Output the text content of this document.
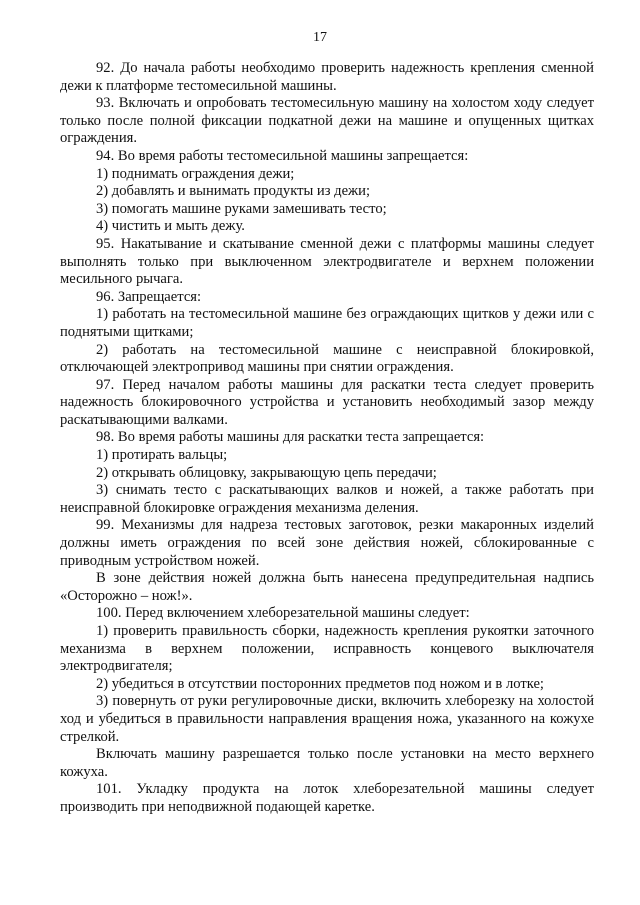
17

92. До начала работы необходимо проверить надежность крепления сменной дежи к платформе тестомесильной машины.

93. Включать и опробовать тестомесильную машину на холостом ходу следует только после полной фиксации подкатной дежи на машине и опущенных щитках ограждения.

94. Во время работы тестомесильной машины запрещается:

1) поднимать ограждения дежи;

2) добавлять и вынимать продукты из дежи;

3) помогать машине руками замешивать тесто;

4) чистить и мыть дежу.

95. Накатывание и скатывание сменной дежи с платформы машины следует выполнять только при выключенном электродвигателе и верхнем положении месильного рычага.

96. Запрещается:

1) работать на тестомесильной машине без ограждающих щитков у дежи или с поднятыми щитками;

2) работать на тестомесильной машине с неисправной блокировкой, отключающей электропривод машины при снятии ограждения.

97. Перед началом работы машины для раскатки теста следует проверить надежность блокировочного устройства и установить необходимый зазор между раскатывающими валками.

98. Во время работы машины для раскатки теста запрещается:

1) протирать вальцы;

2) открывать облицовку, закрывающую цепь передачи;

3) снимать тесто с раскатывающих валков и ножей, а также работать при неисправной блокировке ограждения механизма деления.

99. Механизмы для надреза тестовых заготовок, резки макаронных изделий должны иметь ограждения по всей зоне действия ножей, сблокированные с приводным устройством ножей.

В зоне действия ножей должна быть нанесена предупредительная надпись «Осторожно – нож!».

100. Перед включением хлеборезательной машины следует:

1) проверить правильность сборки, надежность крепления рукоятки заточного механизма в верхнем положении, исправность концевого выключателя электродвигателя;

2) убедиться в отсутствии посторонних предметов под ножом и в лотке;

3) повернуть от руки регулировочные диски, включить хлеборезку на холостой ход и убедиться в правильности направления вращения ножа, указанного на кожухе стрелкой.

Включать машину разрешается только после установки на место верхнего кожуха.

101. Укладку продукта на лоток хлеборезательной машины следует производить при неподвижной подающей каретке.
